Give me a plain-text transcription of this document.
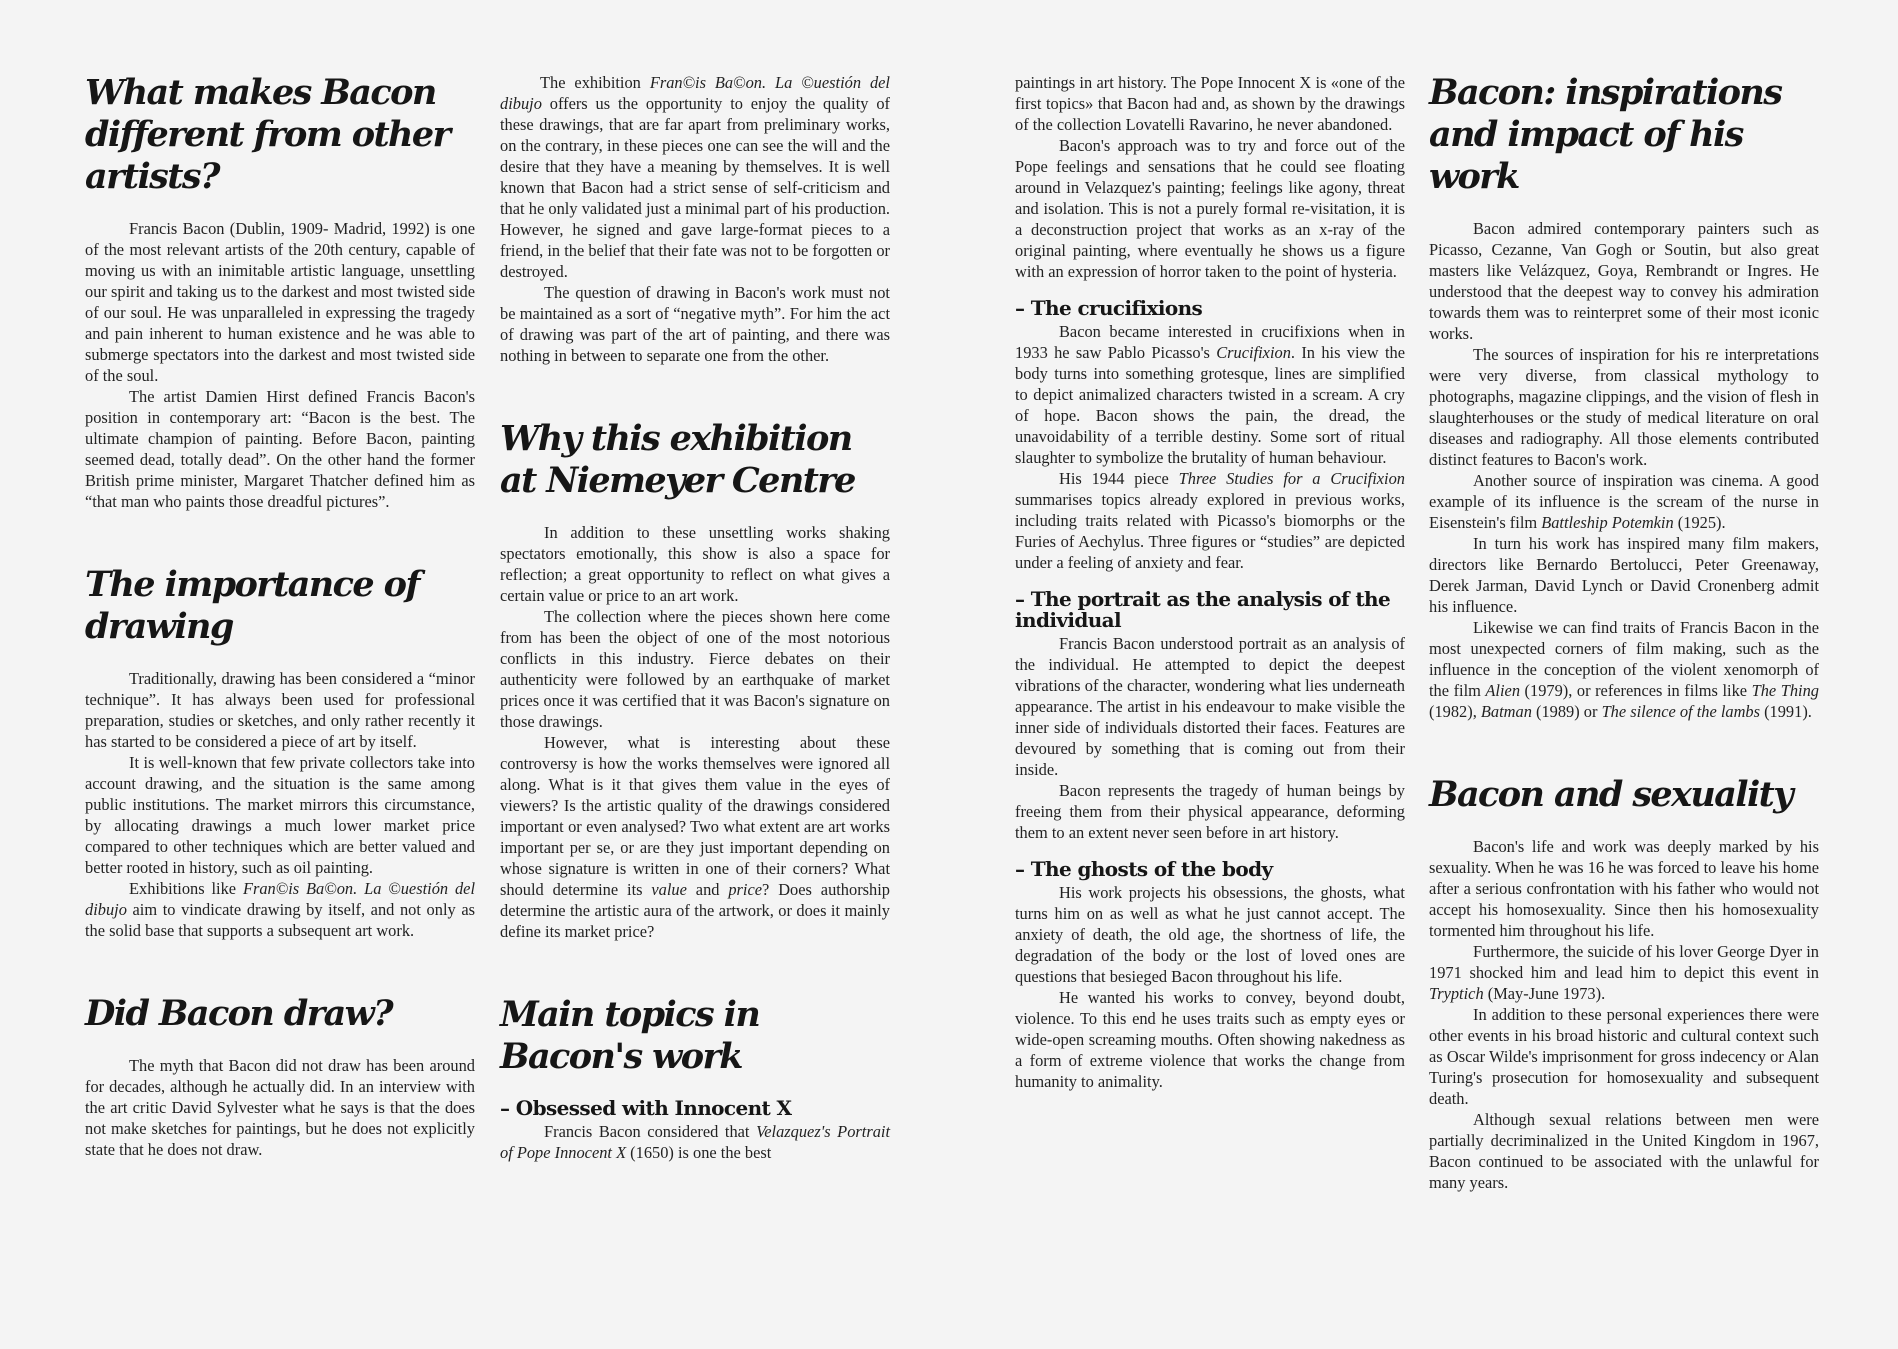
What makes Bacon different from other artists?

Francis Bacon (Dublin, 1909- Madrid, 1992) is one of the most relevant artists of the 20th century, capable of moving us with an inimitable artistic language, unsettling our spirit and taking us to the darkest and most twisted side of our soul. He was unparalleled in expressing the tragedy and pain inherent to human existence and he was able to submerge spectators into the darkest and most twisted side of the soul.

The artist Damien Hirst defined Francis Bacon's position in contemporary art: “Bacon is the best. The ultimate champion of painting. Before Bacon, painting seemed dead, totally dead”. On the other hand the former British prime minister, Margaret Thatcher defined him as “that man who paints those dreadful pictures”.

The importance of drawing

Traditionally, drawing has been considered a “minor technique”. It has always been used for professional preparation, studies or sketches, and only rather recently it has started to be considered a piece of art by itself.

It is well-known that few private collectors take into account drawing, and the situation is the same among public institutions. The market mirrors this circumstance, by allocating drawings a much lower market price compared to other techniques which are better valued and better rooted in history, such as oil painting.

Exhibitions like Fran©is Ba©on. La ©uestión del dibujo aim to vindicate drawing by itself, and not only as the solid base that supports a subsequent art work.

Did Bacon draw?

The myth that Bacon did not draw has been around for decades, although he actually did. In an interview with the art critic David Sylvester what he says is that the does not make sketches for paintings, but he does not explicitly state that he does not draw.

The exhibition Fran©is Ba©on. La ©uestión del dibujo offers us the opportunity to enjoy the quality of these drawings, that are far apart from preliminary works, on the contrary, in these pieces one can see the will and the desire that they have a meaning by themselves. It is well known that Bacon had a strict sense of self-criticism and that he only validated just a minimal part of his production. However, he signed and gave large-format pieces to a friend, in the belief that their fate was not to be forgotten or destroyed.

The question of drawing in Bacon's work must not be maintained as a sort of “negative myth”. For him the act of drawing was part of the art of painting, and there was nothing in between to separate one from the other.

Why this exhibition at Niemeyer Centre

In addition to these unsettling works shaking spectators emotionally, this show is also a space for reflection; a great opportunity to reflect on what gives a certain value or price to an art work.

The collection where the pieces shown here come from has been the object of one of the most notorious conflicts in this industry. Fierce debates on their authenticity were followed by an earthquake of market prices once it was certified that it was Bacon's signature on those drawings.

However, what is interesting about these controversy is how the works themselves were ignored all along. What is it that gives them value in the eyes of viewers? Is the artistic quality of the drawings considered important or even analysed? Two what extent are art works important per se, or are they just important depending on whose signature is written in one of their corners? What should determine its value and price? Does authorship determine the artistic aura of the artwork, or does it mainly define its market price?

Main topics in Bacon's work
– Obsessed with Innocent X

Francis Bacon considered that Velazquez's Portrait of Pope Innocent X (1650) is one the best

paintings in art history. The Pope Innocent X is «one of the first topics» that Bacon had and, as shown by the drawings of the collection Lovatelli Ravarino, he never abandoned.

Bacon's approach was to try and force out of the Pope feelings and sensations that he could see floating around in Velazquez's painting; feelings like agony, threat and isolation. This is not a purely formal re-visitation, it is a deconstruction project that works as an x-ray of the original painting, where eventually he shows us a figure with an expression of horror taken to the point of hysteria.

– The crucifixions

Bacon became interested in crucifixions when in 1933 he saw Pablo Picasso's Crucifixion. In his view the body turns into something grotesque, lines are simplified to depict animalized characters twisted in a scream. A cry of hope. Bacon shows the pain, the dread, the unavoidability of a terrible destiny. Some sort of ritual slaughter to symbolize the brutality of human behaviour.

His 1944 piece Three Studies for a Crucifixion summarises topics already explored in previous works, including traits related with Picasso's biomorphs or the Furies of Aechylus. Three figures or “studies” are depicted under a feeling of anxiety and fear.

– The portrait as the analysis of the individual

Francis Bacon understood portrait as an analysis of the individual. He attempted to depict the deepest vibrations of the character, wondering what lies underneath appearance. The artist in his endeavour to make visible the inner side of individuals distorted their faces. Features are devoured by something that is coming out from their inside.

Bacon represents the tragedy of human beings by freeing them from their physical appearance, deforming them to an extent never seen before in art history.

– The ghosts of the body

His work projects his obsessions, the ghosts, what turns him on as well as what he just cannot accept. The anxiety of death, the old age, the shortness of life, the degradation of the body or the lost of loved ones are questions that besieged Bacon throughout his life.

He wanted his works to convey, beyond doubt, violence. To this end he uses traits such as empty eyes or wide-open screaming mouths. Often showing nakedness as a form of extreme violence that works the change from humanity to animality.

Bacon: inspirations and impact of his work

Bacon admired contemporary painters such as Picasso, Cezanne, Van Gogh or Soutin, but also great masters like Velázquez, Goya, Rembrandt or Ingres. He understood that the deepest way to convey his admiration towards them was to reinterpret some of their most iconic works.

The sources of inspiration for his re interpretations were very diverse, from classical mythology to photographs, magazine clippings, and the vision of flesh in slaughterhouses or the study of medical literature on oral diseases and radiography. All those elements contributed distinct features to Bacon's work.

Another source of inspiration was cinema. A good example of its influence is the scream of the nurse in Eisenstein's film Battleship Potemkin (1925).

In turn his work has inspired many film makers, directors like Bernardo Bertolucci, Peter Greenaway, Derek Jarman, David Lynch or David Cronenberg admit his influence.

Likewise we can find traits of Francis Bacon in the most unexpected corners of film making, such as the influence in the conception of the violent xenomorph of the film Alien (1979), or references in films like The Thing (1982), Batman (1989) or The silence of the lambs (1991).

Bacon and sexuality

Bacon's life and work was deeply marked by his sexuality. When he was 16 he was forced to leave his home after a serious confrontation with his father who would not accept his homosexuality. Since then his homosexuality tormented him throughout his life.

Furthermore, the suicide of his lover George Dyer in 1971 shocked him and lead him to depict this event in Tryptich (May-June 1973).

In addition to these personal experiences there were other events in his broad historic and cultural context such as Oscar Wilde's imprisonment for gross indecency or Alan Turing's prosecution for homosexuality and subsequent death.

Although sexual relations between men were partially decriminalized in the United Kingdom in 1967, Bacon continued to be associated with the unlawful for many years.
